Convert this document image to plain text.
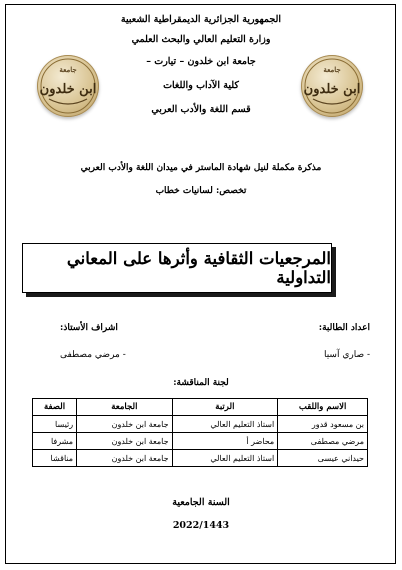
الجمهورية الجزائرية الديمقراطية الشعبية
وزارة التعليم العالي والبحث العلمي
جامعة ابن خلدون – تيارت –
كلية الآداب واللغات
قسم اللغة والأدب العربي
جامعة
ابن خلدون
جامعة
ابن خلدون
مذكرة مكملة لنيل شهادة الماستر في ميدان اللغة والأدب العربي
تخصص: لسانيات خطاب
المرجعيات الثقافية وأثرها على المعاني التداولية
اعداد الطالبة:
- صاري آسيا
اشراف الأستاذ:
- مرضي مصطفى
لجنة المناقشة:
الاسم واللقب	الرتبة	الجامعة	الصفة
بن مسعود قدور	استاذ التعليم العالي	جامعة ابن خلدون	رئيسا
مرضي مصطفى	محاضر أ	جامعة ابن خلدون	مشرفا
حيداني عيسى	استاذ التعليم العالي	جامعة ابن خلدون	مناقشا
السنة الجامعية
2022/1443
